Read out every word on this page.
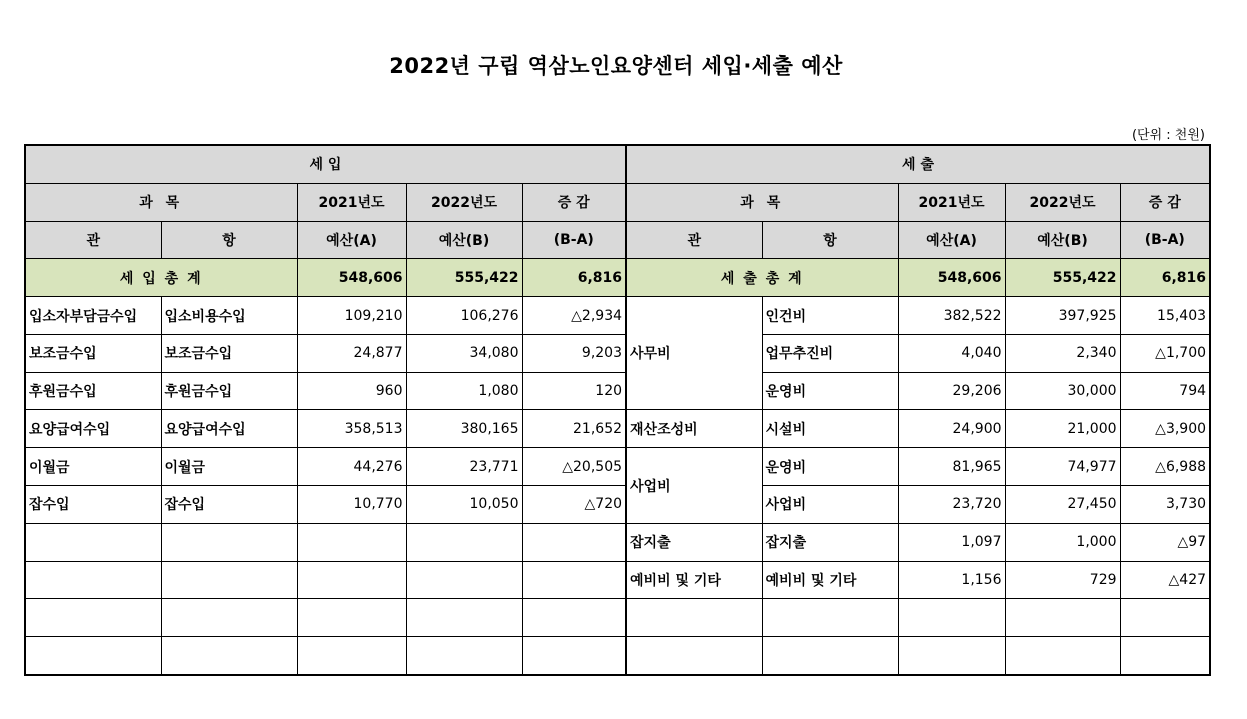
2022년 구립 역삼노인요양센터 세입·세출 예산
(단위 : 천원)
세 입					세 출				
과 목		2021년도	2022년도	증 감	과 목		2021년도	2022년도	증 감
관	항	예산(A)	예산(B)	(B-A)	관	항	예산(A)	예산(B)	(B-A)
세 입 총 계		548,606	555,422	6,816	세 출 총 계		548,606	555,422	6,816
입소자부담금수입	입소비용수입	109,210	106,276	△2,934	사무비	인건비	382,522	397,925	15,403
보조금수입	보조금수입	24,877	34,080	9,203		업무추진비	4,040	2,340	△1,700
후원금수입	후원금수입	960	1,080	120		운영비	29,206	30,000	794
요양급여수입	요양급여수입	358,513	380,165	21,652	재산조성비	시설비	24,900	21,000	△3,900
이월금	이월금	44,276	23,771	△20,505	사업비	운영비	81,965	74,977	△6,988
잡수입	잡수입	10,770	10,050	△720		사업비	23,720	27,450	3,730
					잡지출	잡지출	1,097	1,000	△97
					예비비 및 기타	예비비 및 기타	1,156	729	△427
